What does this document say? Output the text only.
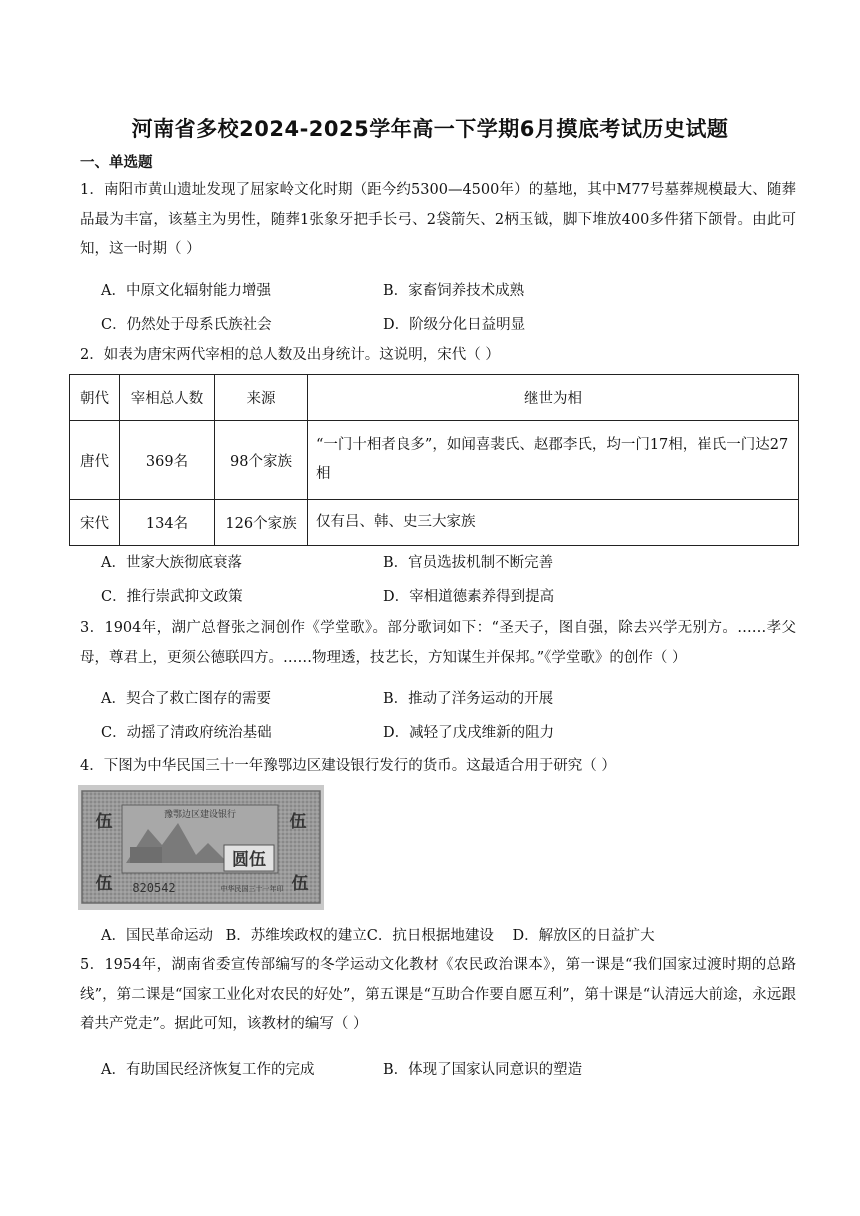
河南省多校2024-2025学年高一下学期6月摸底考试历史试题
一、单选题
1．南阳市黄山遗址发现了屈家岭文化时期（距今约5300—4500年）的墓地，其中M77号墓葬规模最大、随葬品最为丰富，该墓主为男性，随葬1张象牙把手长弓、2袋箭矢、2柄玉钺，脚下堆放400多件猪下颌骨。由此可知，这一时期（ ）
A．中原文化辐射能力增强	B．家畜饲养技术成熟
C．仍然处于母系氏族社会	D．阶级分化日益明显
2．如表为唐宋两代宰相的总人数及出身统计。这说明，宋代（ ）
朝代	宰相总人数	来源	继世为相
唐代	369名	98个家族	“一门十相者良多”，如闻喜裴氏、赵郡李氏，均一门17相，崔氏一门达27相
宋代	134名	126个家族	仅有吕、韩、史三大家族
A．世家大族彻底衰落	B．官员选拔机制不断完善
C．推行崇武抑文政策	D．宰相道德素养得到提高
3．1904年，湖广总督张之洞创作《学堂歌》。部分歌词如下：“圣天子，图自强，除去兴学无别方。……孝父母，尊君上，更须公德联四方。……物理透，技艺长，方知谋生并保邦。”《学堂歌》的创作（ ）
A．契合了救亡图存的需要	B．推动了洋务运动的开展
C．动摇了清政府统治基础	D．减轻了戊戌维新的阻力
4．下图为中华民国三十一年豫鄂边区建设银行发行的货币。这最适合用于研究（ ）
豫鄂边区建设银行
伍	伍
伍	伍
圆伍
820542	中华民国三十一年印
A．国民革命运动 B．苏维埃政权的建立C．抗日根据地建设 D．解放区的日益扩大
5．1954年，湖南省委宣传部编写的冬学运动文化教材《农民政治课本》，第一课是“我们国家过渡时期的总路线”，第二课是“国家工业化对农民的好处”，第五课是“互助合作要自愿互利”，第十课是“认清远大前途，永远跟着共产党走”。据此可知，该教材的编写（ ）
A．有助国民经济恢复工作的完成	B．体现了国家认同意识的塑造
